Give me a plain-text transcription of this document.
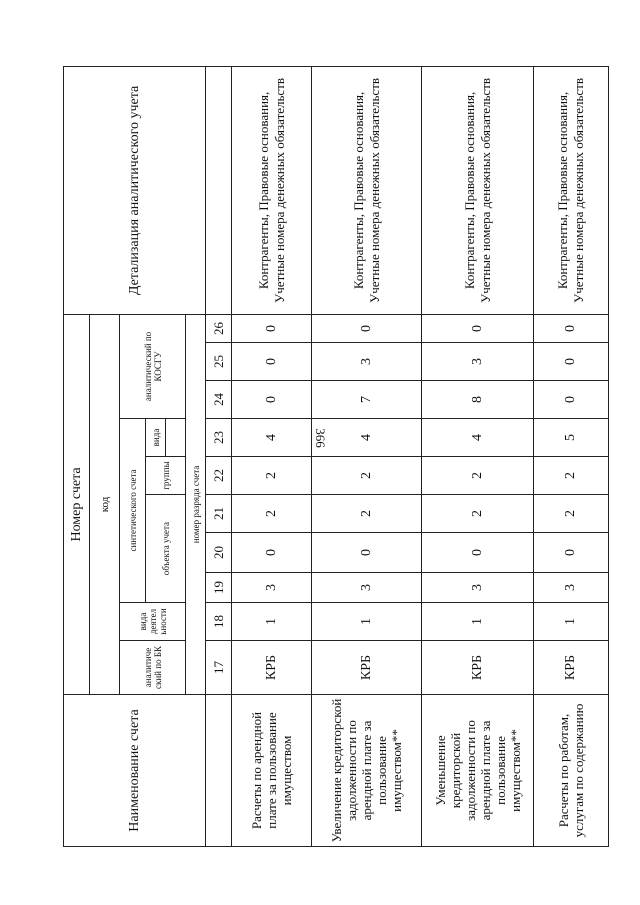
366
Наименование счета	Номер счета										Детализация аналитического учета
	код										
	аналитиче ский по БК	вида деятел ьности	синтетического счета					аналитический по КОСГУ			
			объекта учета			группы	вида				

	номер разряда счета										
	17	18	19	20	21	22	23	24	25	26	
Расчеты по арендной плате за пользование имуществом	КРБ	1	3	0	2	2	4	0	0	0	Контрагенты, Правовые основания, Учетные номера денежных обязательств
Увеличение кредиторской задолженности по арендной плате за пользование имуществом**	КРБ	1	3	0	2	2	4	7	3	0	Контрагенты, Правовые основания, Учетные номера денежных обязательств
Уменьшение кредиторской задолженности по арендной плате за пользование имуществом**	КРБ	1	3	0	2	2	4	8	3	0	Контрагенты, Правовые основания, Учетные номера денежных обязательств
Расчеты по работам, услугам по содержанию	КРБ	1	3	0	2	2	5	0	0	0	Контрагенты, Правовые основания, Учетные номера денежных обязательств
